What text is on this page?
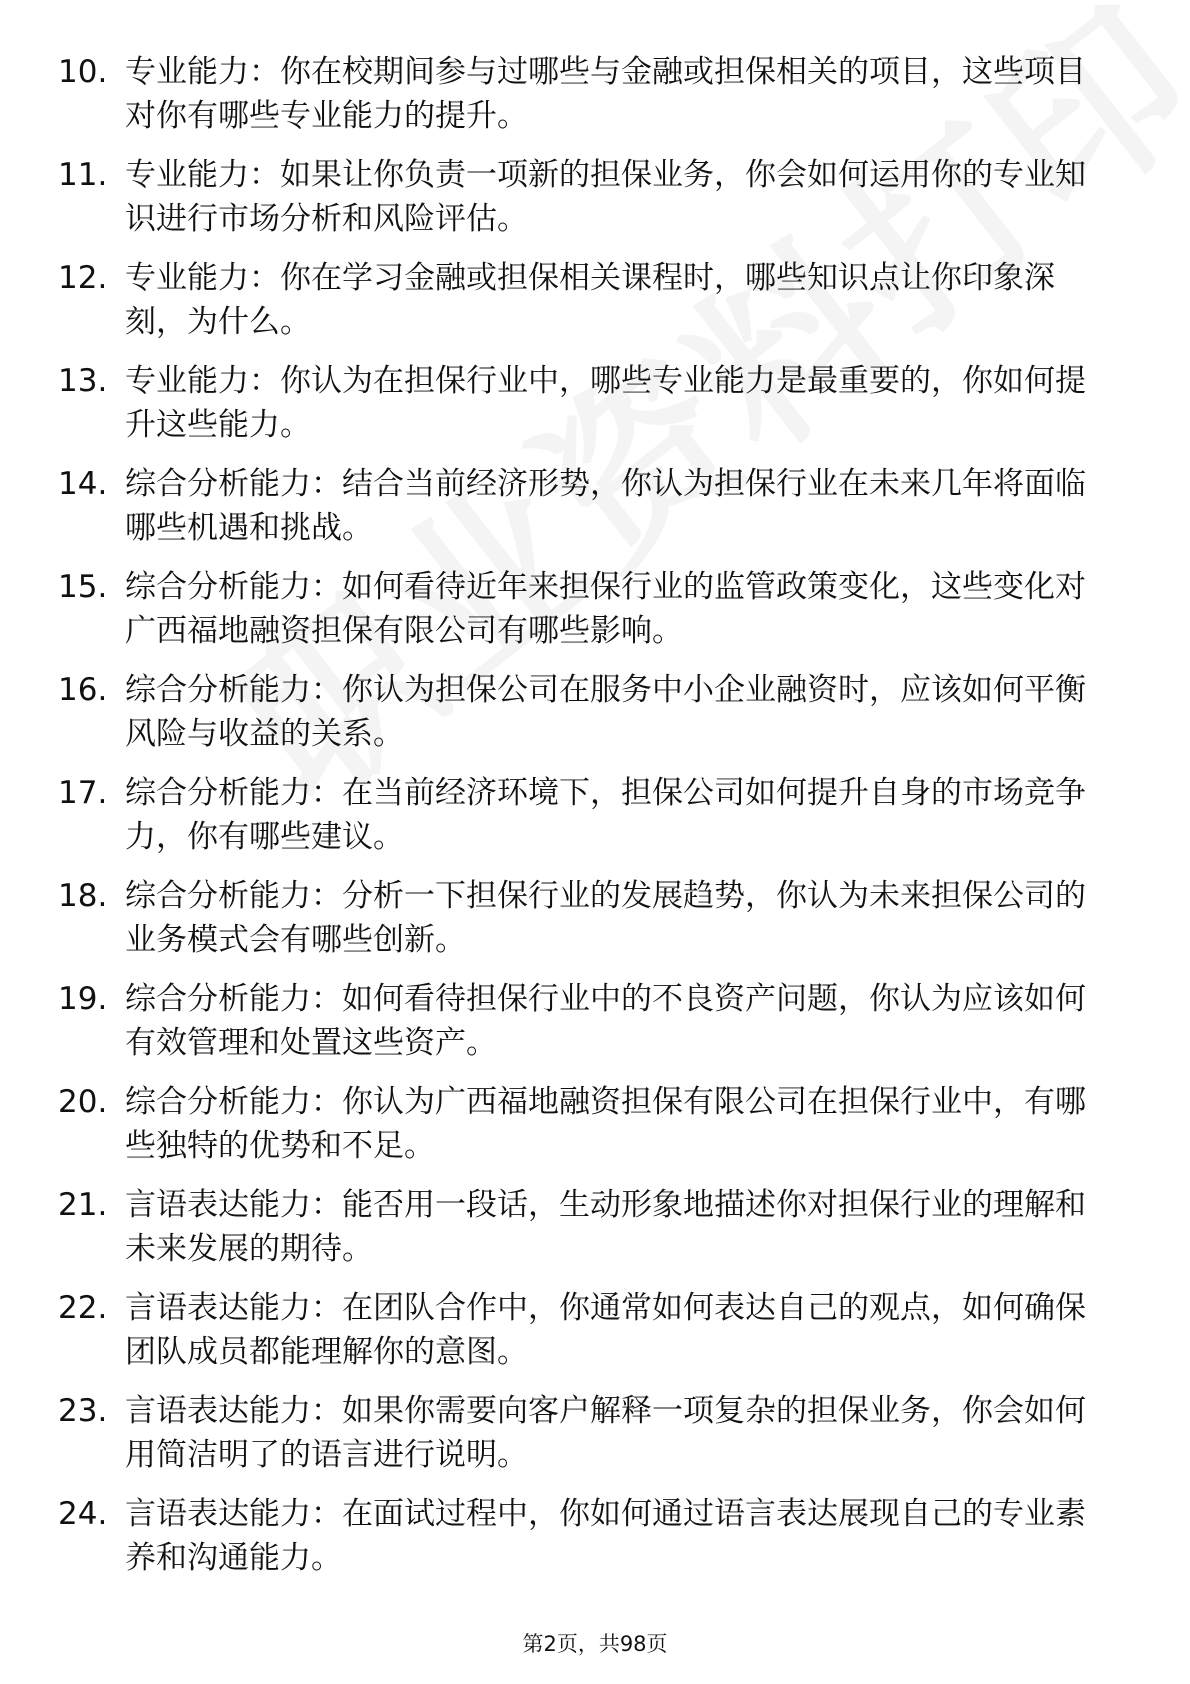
10. 专业能力：你在校期间参与过哪些与金融或担保相关的项目，这些项目对你有哪些专业能力的提升。

11. 专业能力：如果让你负责一项新的担保业务，你会如何运用你的专业知识进行市场分析和风险评估。

12. 专业能力：你在学习金融或担保相关课程时，哪些知识点让你印象深刻，为什么。

13. 专业能力：你认为在担保行业中，哪些专业能力是最重要的，你如何提升这些能力。

14. 综合分析能力：结合当前经济形势，你认为担保行业在未来几年将面临哪些机遇和挑战。

15. 综合分析能力：如何看待近年来担保行业的监管政策变化，这些变化对广西福地融资担保有限公司有哪些影响。

16. 综合分析能力：你认为担保公司在服务中小企业融资时，应该如何平衡风险与收益的关系。

17. 综合分析能力：在当前经济环境下，担保公司如何提升自身的市场竞争力，你有哪些建议。

18. 综合分析能力：分析一下担保行业的发展趋势，你认为未来担保公司的业务模式会有哪些创新。

19. 综合分析能力：如何看待担保行业中的不良资产问题，你认为应该如何有效管理和处置这些资产。

20. 综合分析能力：你认为广西福地融资担保有限公司在担保行业中，有哪些独特的优势和不足。

21. 言语表达能力：能否用一段话，生动形象地描述你对担保行业的理解和未来发展的期待。

22. 言语表达能力：在团队合作中，你通常如何表达自己的观点，如何确保团队成员都能理解你的意图。

23. 言语表达能力：如果你需要向客户解释一项复杂的担保业务，你会如何用简洁明了的语言进行说明。

24. 言语表达能力：在面试过程中，你如何通过语言表达展现自己的专业素养和沟通能力。

第2页，共98页
